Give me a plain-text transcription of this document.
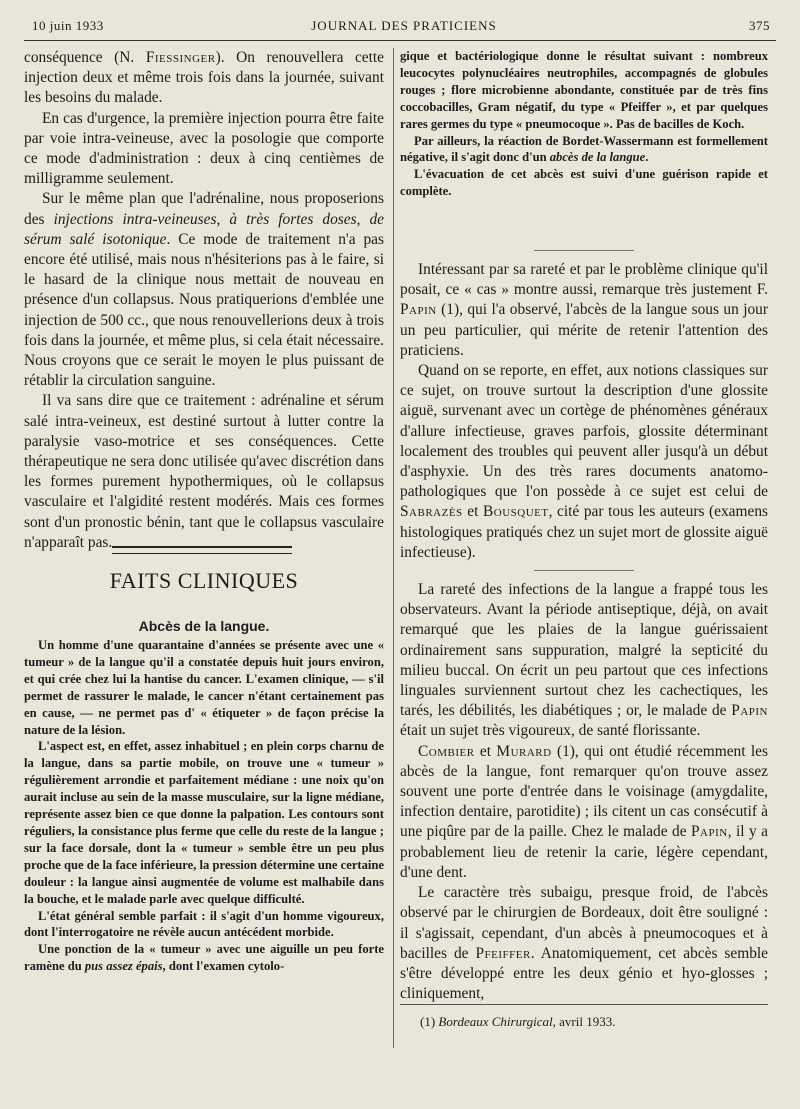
10 juin 1933	JOURNAL DES PRATICIENS	375

conséquence (N. Fiessinger). On renouvellera cette injection deux et même trois fois dans la journée, suivant les besoins du malade.

En cas d'urgence, la première injection pourra être faite par voie intra-veineuse, avec la posologie que comporte ce mode d'administration : deux à cinq centièmes de milligramme seulement.

Sur le même plan que l'adrénaline, nous proposerions des injections intra-veineuses, à très fortes doses, de sérum salé isotonique. Ce mode de traitement n'a pas encore été utilisé, mais nous n'hésiterions pas à le faire, si le hasard de la clinique nous mettait de nouveau en présence d'un collapsus. Nous pratiquerions d'emblée une injection de 500 cc., que nous renouvellerions deux à trois fois dans la journée, et même plus, si cela était nécessaire. Nous croyons que ce serait le moyen le plus puissant de rétablir la circulation sanguine.

Il va sans dire que ce traitement : adrénaline et sérum salé intra-veineux, est destiné surtout à lutter contre la paralysie vaso-motrice et ses conséquences. Cette thérapeutique ne sera donc utilisée qu'avec discrétion dans les formes purement hypothermiques, où le collapsus vasculaire et l'algidité restent modérés. Mais ces formes sont d'un pronostic bénin, tant que le collapsus vasculaire n'apparaît pas.

FAITS CLINIQUES
Abcès de la langue.

Un homme d'une quarantaine d'années se présente avec une « tumeur » de la langue qu'il a constatée depuis huit jours environ, et qui crée chez lui la hantise du cancer. L'examen clinique, — s'il permet de rassurer le malade, le cancer n'étant certainement pas en cause, — ne permet pas d' « étiqueter » de façon précise la nature de la lésion.

L'aspect est, en effet, assez inhabituel ; en plein corps charnu de la langue, dans sa partie mobile, on trouve une « tumeur » régulièrement arrondie et parfaitement médiane : une noix qu'on aurait incluse au sein de la masse musculaire, sur la ligne médiane, représente assez bien ce que donne la palpation. Les contours sont réguliers, la consistance plus ferme que celle du reste de la langue ; sur la face dorsale, dont la « tumeur » semble être un peu plus proche que de la face inférieure, la pression détermine une certaine douleur : la langue ainsi augmentée de volume est malhabile dans la bouche, et le malade parle avec quelque difficulté.

L'état général semble parfait : il s'agit d'un homme vigoureux, dont l'interrogatoire ne révèle aucun antécédent morbide.

Une ponction de la « tumeur » avec une aiguille un peu forte ramène du pus assez épais, dont l'examen cytolo-

gique et bactériologique donne le résultat suivant : nombreux leucocytes polynucléaires neutrophiles, accompagnés de globules rouges ; flore microbienne abondante, constituée par de très fins coccobacilles, Gram négatif, du type « Pfeiffer », et par quelques rares germes du type « pneumocoque ». Pas de bacilles de Koch.

Par ailleurs, la réaction de Bordet-Wassermann est formellement négative, il s'agit donc d'un abcès de la langue.

L'évacuation de cet abcès est suivi d'une guérison rapide et complète.

Intéressant par sa rareté et par le problème clinique qu'il posait, ce « cas » montre aussi, remarque très justement F. Papin (1), qui l'a observé, l'abcès de la langue sous un jour un peu particulier, qui mérite de retenir l'attention des praticiens.

Quand on se reporte, en effet, aux notions classiques sur ce sujet, on trouve surtout la description d'une glossite aiguë, survenant avec un cortège de phénomènes généraux d'allure infectieuse, graves parfois, glossite déterminant localement des troubles qui peuvent aller jusqu'à un début d'asphyxie. Un des très rares documents anatomo-pathologiques que l'on possède à ce sujet est celui de Sabrazès et Bousquet, cité par tous les auteurs (examens histologiques pratiqués chez un sujet mort de glossite aiguë infectieuse).

La rareté des infections de la langue a frappé tous les observateurs. Avant la période antiseptique, déjà, on avait remarqué que les plaies de la langue guérissaient ordinairement sans suppuration, malgré la septicité du milieu buccal. On écrit un peu partout que ces infections linguales surviennent surtout chez les cachectiques, les tarés, les débilités, les diabétiques ; or, le malade de Papin était un sujet très vigoureux, de santé florissante.

Combier et Murard (1), qui ont étudié récemment les abcès de la langue, font remarquer qu'on trouve assez souvent une porte d'entrée dans le voisinage (amygdalite, infection dentaire, parotidite) ; ils citent un cas consécutif à une piqûre par de la paille. Chez le malade de Papin, il y a probablement lieu de retenir la carie, légère cependant, d'une dent.

Le caractère très subaigu, presque froid, de l'abcès observé par le chirurgien de Bordeaux, doit être souligné : il s'agissait, cependant, d'un abcès à pneumocoques et à bacilles de Pfeiffer. Anatomiquement, cet abcès semble s'être développé entre les deux génio et hyo-glosses ; cliniquement,

(1) Bordeaux Chirurgical, avril 1933.
